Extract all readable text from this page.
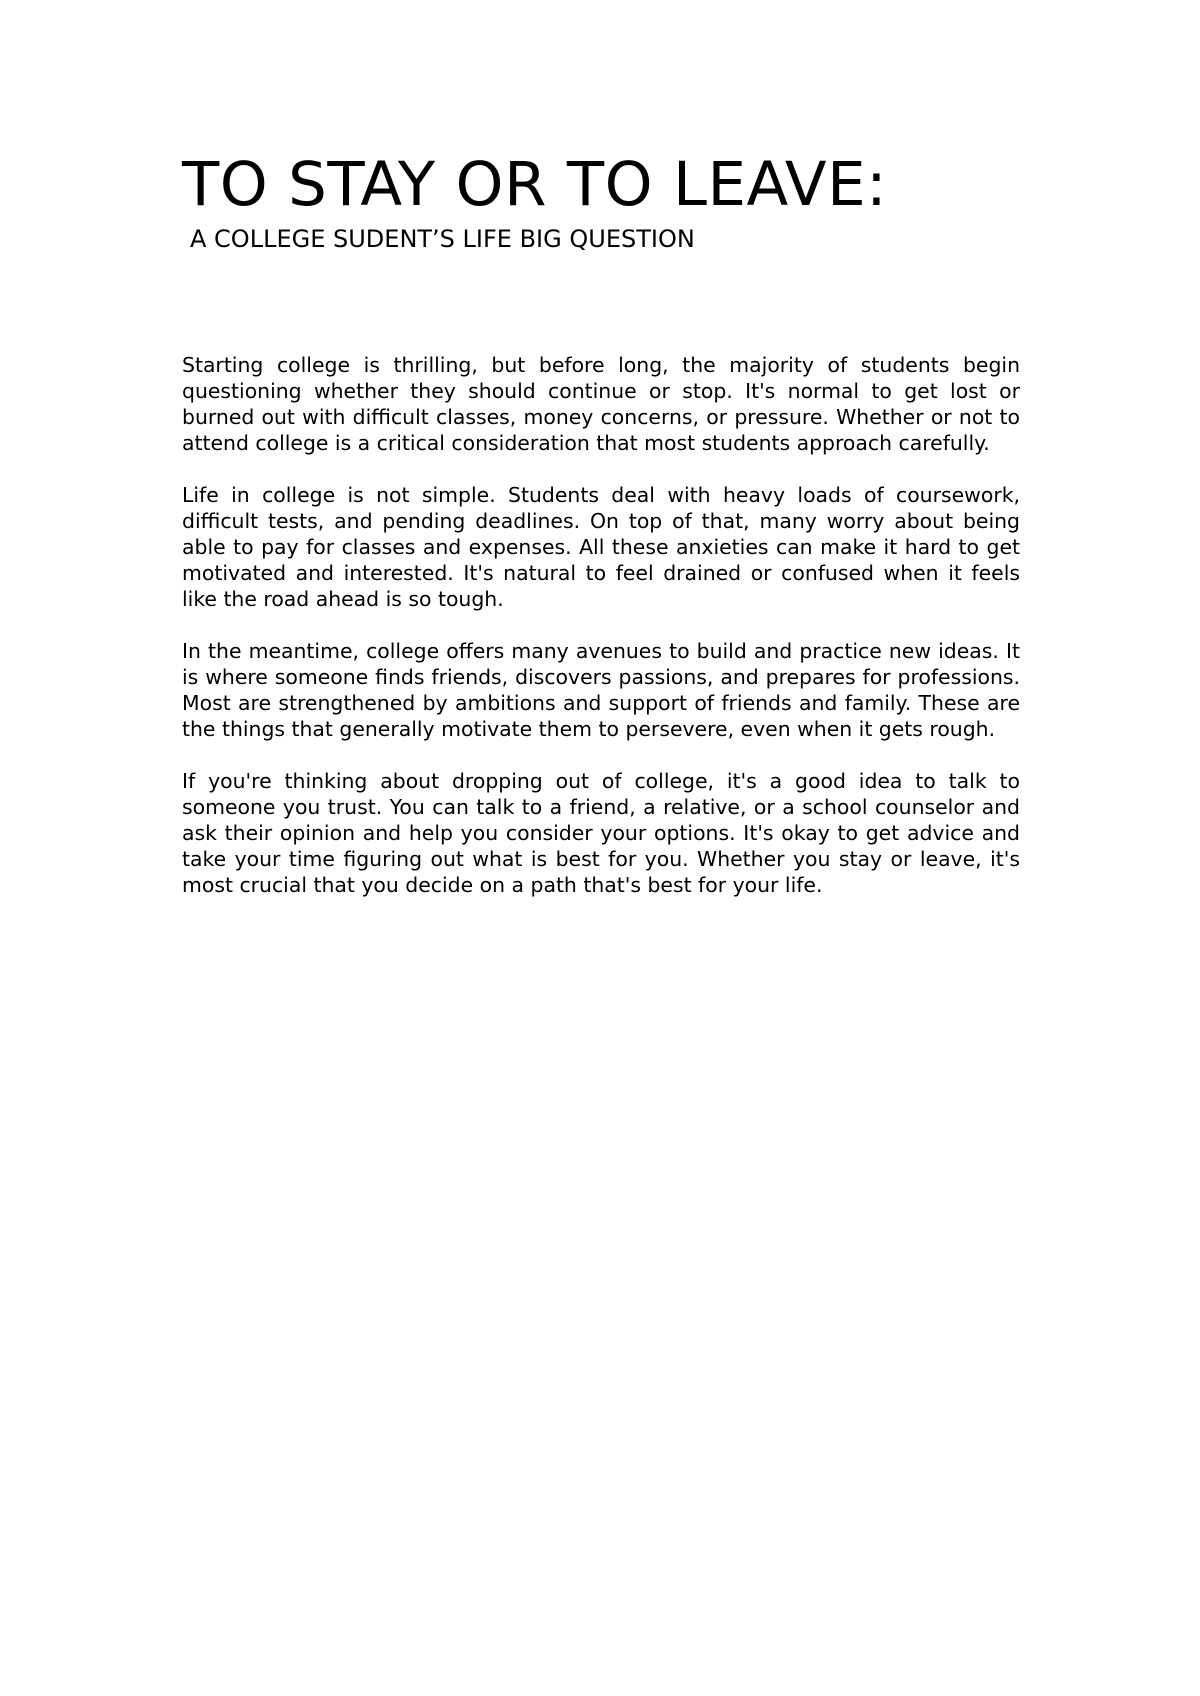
TO STAY OR TO LEAVE:
A COLLEGE SUDENT’S LIFE BIG QUESTION

Starting college is thrilling, but before long, the majority of students begin questioning whether they should continue or stop. It's normal to get lost or burned out with difficult classes, money concerns, or pressure. Whether or not to attend college is a critical consideration that most students approach carefully.

Life in college is not simple. Students deal with heavy loads of coursework, difficult tests, and pending deadlines. On top of that, many worry about being able to pay for classes and expenses. All these anxieties can make it hard to get motivated and interested. It's natural to feel drained or confused when it feels like the road ahead is so tough.

In the meantime, college offers many avenues to build and practice new ideas. It is where someone finds friends, discovers passions, and prepares for professions. Most are strengthened by ambitions and support of friends and family. These are the things that generally motivate them to persevere, even when it gets rough.

If you're thinking about dropping out of college, it's a good idea to talk to someone you trust. You can talk to a friend, a relative, or a school counselor and ask their opinion and help you consider your options. It's okay to get advice and take your time figuring out what is best for you. Whether you stay or leave, it's most crucial that you decide on a path that's best for your life.
